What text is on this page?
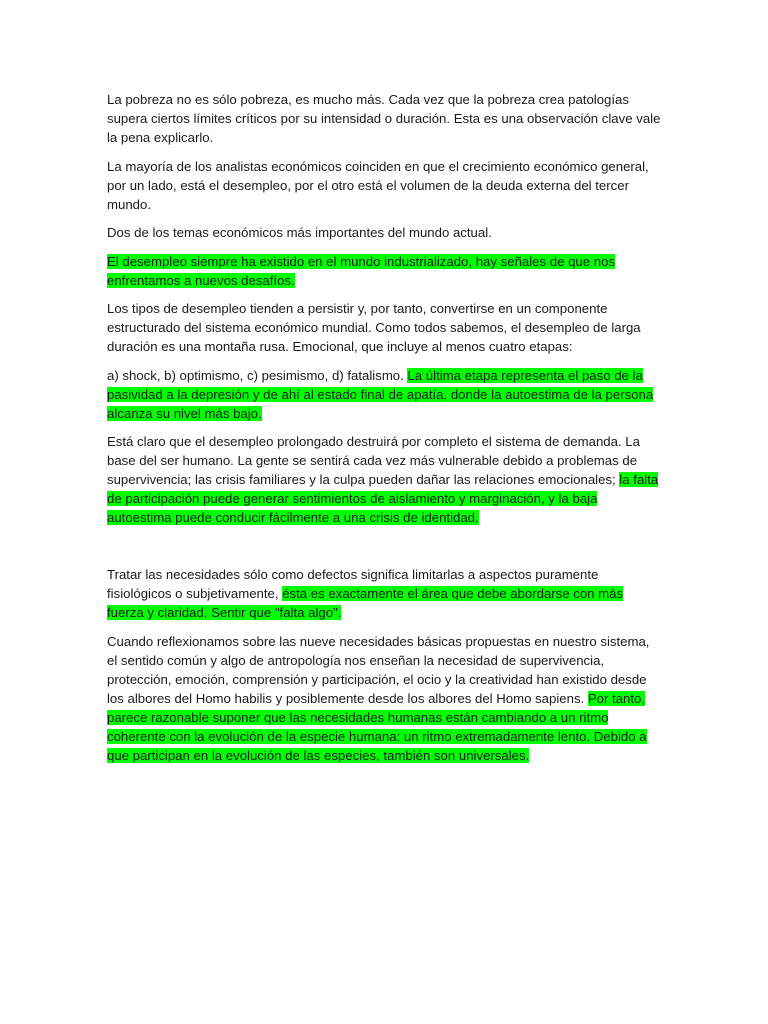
La pobreza no es sólo pobreza, es mucho más. Cada vez que la pobreza crea patologías supera ciertos límites críticos por su intensidad o duración. Esta es una observación clave vale la pena explicarlo.

La mayoría de los analistas económicos coinciden en que el crecimiento económico general, por un lado, está el desempleo, por el otro está el volumen de la deuda externa del tercer mundo.

Dos de los temas económicos más importantes del mundo actual.

El desempleo siempre ha existido en el mundo industrializado, hay señales de que nos enfrentamos a nuevos desafíos.

Los tipos de desempleo tienden a persistir y, por tanto, convertirse en un componente estructurado del sistema económico mundial. Como todos sabemos, el desempleo de larga duración es una montaña rusa. Emocional, que incluye al menos cuatro etapas:

a) shock, b) optimismo, c) pesimismo, d) fatalismo. La última etapa representa el paso de la pasividad a la depresión y de ahí al estado final de apatía, donde la autoestima de la persona alcanza su nivel más bajo.

Está claro que el desempleo prolongado destruirá por completo el sistema de demanda. La base del ser humano. La gente se sentirá cada vez más vulnerable debido a problemas de supervivencia; las crisis familiares y la culpa pueden dañar las relaciones emocionales; la falta de participación puede generar sentimientos de aislamiento y marginación, y la baja autoestima puede conducir fácilmente a una crisis de identidad.

Tratar las necesidades sólo como defectos significa limitarlas a aspectos puramente fisiológicos o subjetivamente, ésta es exactamente el área que debe abordarse con más fuerza y claridad. Sentir que "falta algo".

Cuando reflexionamos sobre las nueve necesidades básicas propuestas en nuestro sistema, el sentido común y algo de antropología nos enseñan la necesidad de supervivencia, protección, emoción, comprensión y participación, el ocio y la creatividad han existido desde los albores del Homo habilis y posiblemente desde los albores del Homo sapiens. Por tanto, parece razonable suponer que las necesidades humanas están cambiando a un ritmo coherente con la evolución de la especie humana: un ritmo extremadamente lento. Debido a que participan en la evolución de las especies, también son universales.
